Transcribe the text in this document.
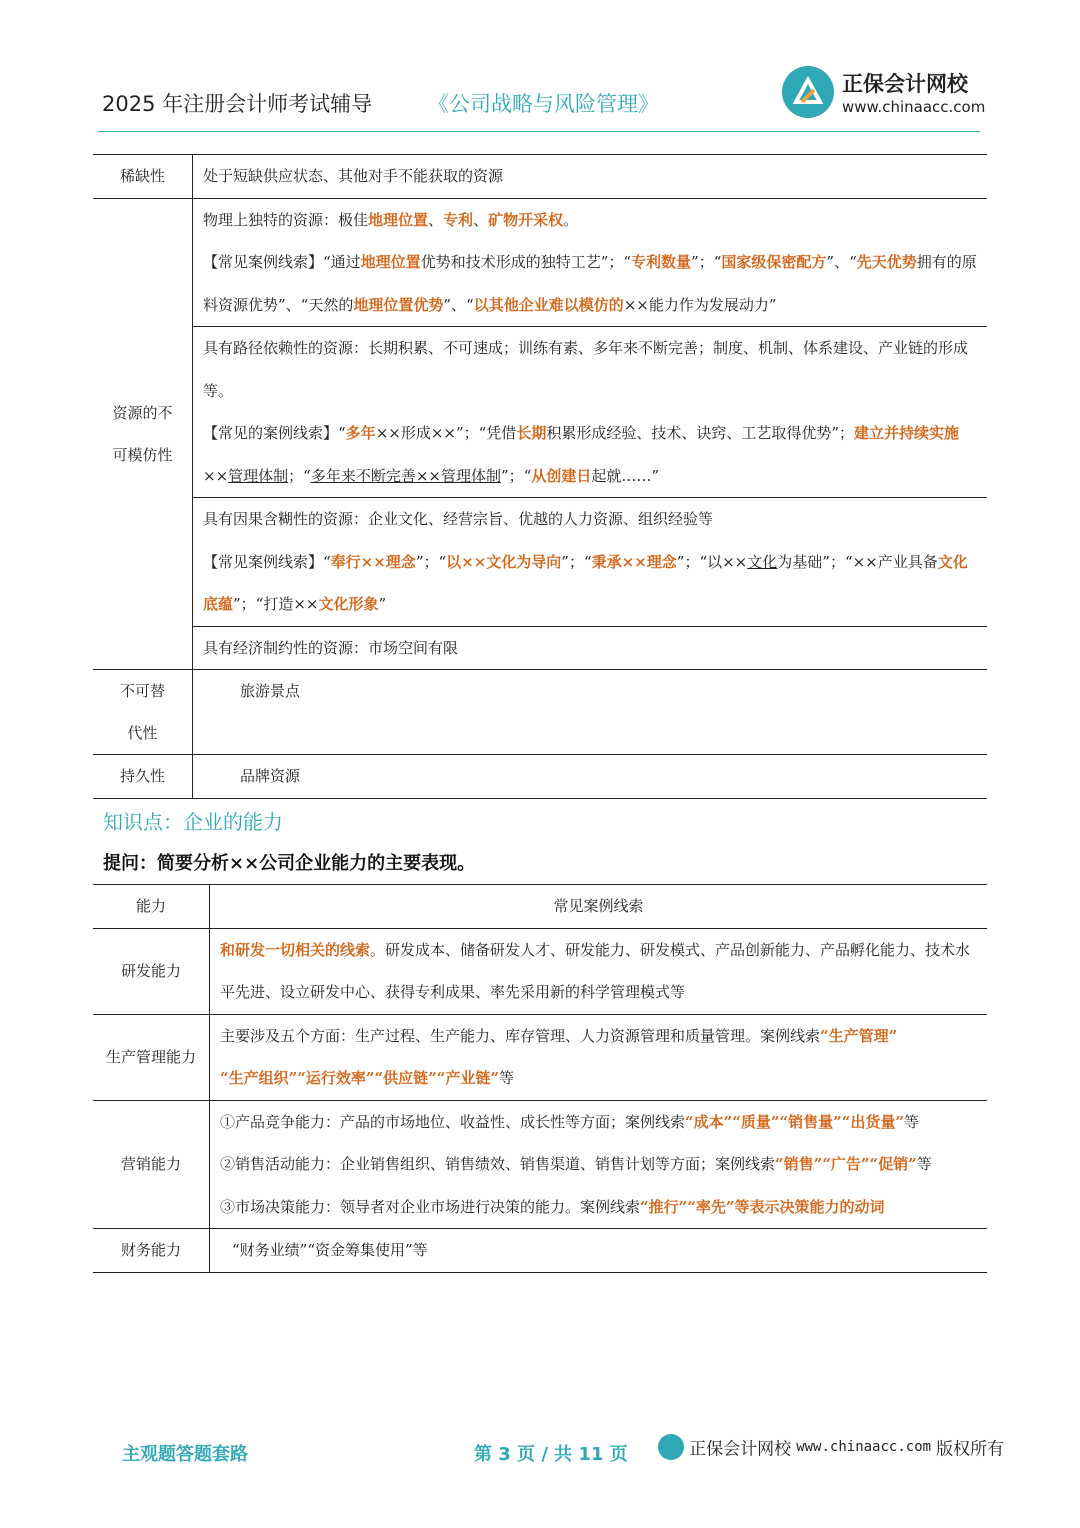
2025 年注册会计师考试辅导	《公司战略与风险管理》
正保会计网校
www.chinaacc.com
稀缺性	处于短缺供应状态、其他对手不能获取的资源
资源的不
可模仿性	物理上独特的资源：极佳地理位置、专利、矿物开采权。
【常见案例线索】“通过地理位置优势和技术形成的独特工艺”；“专利数量”；“国家级保密配方”、“先天优势拥有的原料资源优势”、“天然的地理位置优势”、“以其他企业难以模仿的××能力作为发展动力”
	具有路径依赖性的资源：长期积累、不可速成；训练有素、多年来不断完善；制度、机制、体系建设、产业链的形成等。
【常见的案例线索】“多年××形成××”；“凭借长期积累形成经验、技术、诀窍、工艺取得优势”；建立并持续实施××管理体制；“多年来不断完善××管理体制”；“从创建日起就……”
	具有因果含糊性的资源：企业文化、经营宗旨、优越的人力资源、组织经验等
【常见案例线索】“奉行××理念”；“以××文化为导向”；“秉承××理念”；“以××文化为基础”；“××产业具备文化底蕴”；“打造××文化形象”
	具有经济制约性的资源：市场空间有限
不可替
代性	旅游景点
持久性	品牌资源
知识点：企业的能力
提问：简要分析××公司企业能力的主要表现。
能力	常见案例线索
研发能力	和研发一切相关的线索。研发成本、储备研发人才、研发能力、研发模式、产品创新能力、产品孵化能力、技术水平先进、设立研发中心、获得专利成果、率先采用新的科学管理模式等
生产管理能力	主要涉及五个方面：生产过程、生产能力、库存管理、人力资源管理和质量管理。案例线索“生产管理”
“生产组织”“运行效率”“供应链”“产业链”等
营销能力	①产品竞争能力：产品的市场地位、收益性、成长性等方面；案例线索“成本”“质量”“销售量”“出货量”等
②销售活动能力：企业销售组织、销售绩效、销售渠道、销售计划等方面；案例线索“销售”“广告”“促销”等
③市场决策能力：领导者对企业市场进行决策的能力。案例线索“推行”“率先”等表示决策能力的动词
财务能力	“财务业绩”“资金筹集使用”等
主观题答题套路	第 3 页 / 共 11 页	正保会计网校 www.chinaacc.com 版权所有
